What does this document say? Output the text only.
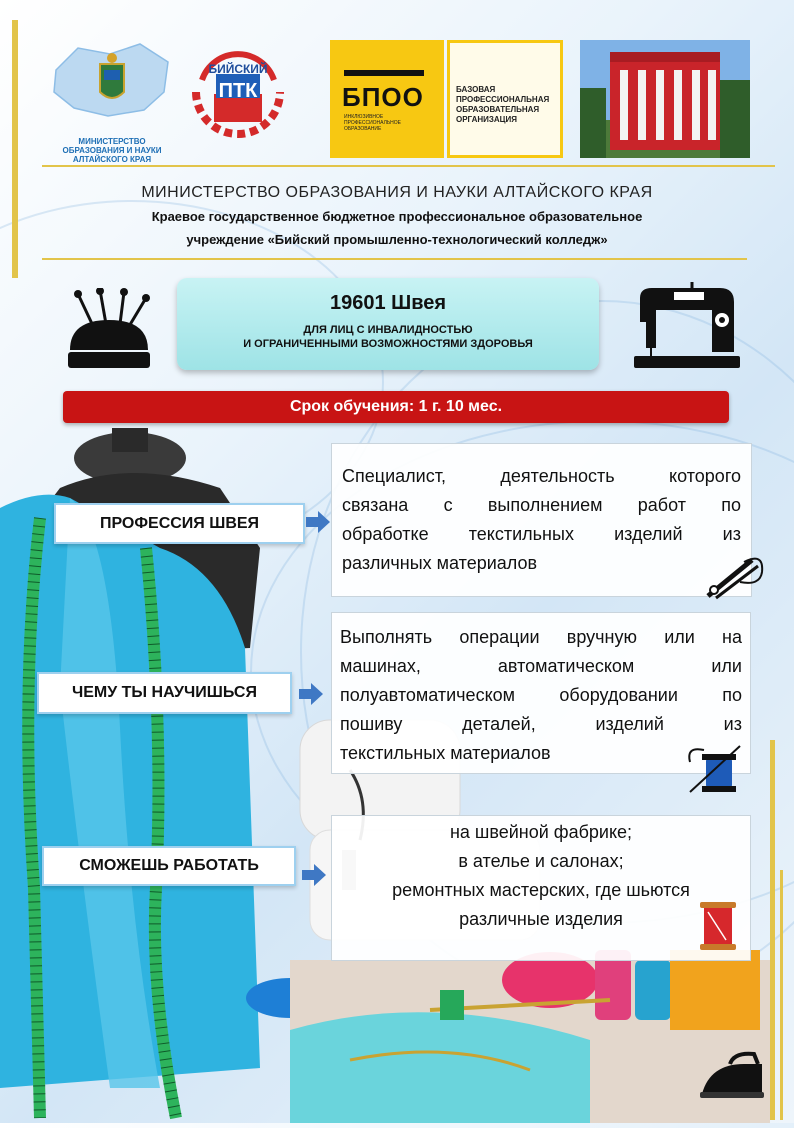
МИНИСТЕРСТВО ОБРАЗОВАНИЯ И НАУКИ АЛТАЙСКОГО КРАЯ
БИЙСКИЙ
ПТК	БПОО
ИНКЛЮЗИВНОЕ ПРОФЕССИОНАЛЬНОЕ ОБРАЗОВАНИЕ
БАЗОВАЯ ПРОФЕССИОНАЛЬНАЯ ОБРАЗОВАТЕЛЬНАЯ ОРГАНИЗАЦИЯ
МИНИСТЕРСТВО ОБРАЗОВАНИЯ И НАУКИ АЛТАЙСКОГО КРАЯ
Краевое государственное бюджетное профессиональное образовательное
учреждение «Бийский промышленно-технологический колледж»
19601 Швея
ДЛЯ ЛИЦ С ИНВАЛИДНОСТЬЮ
И ОГРАНИЧЕННЫМИ ВОЗМОЖНОСТЯМИ ЗДОРОВЬЯ
Срок обучения: 1 г. 10 мес.
ПРОФЕССИЯ ШВЕЯ
Специалист, деятельность которого
связана с выполнением работ по
обработке текстильных изделий из
различных материалов
ЧЕМУ ТЫ НАУЧИШЬСЯ
Выполнять операции вручную или на
машинах, автоматическом или
полуавтоматическом оборудовании по
пошиву деталей, изделий из
текстильных материалов
СМОЖЕШЬ РАБОТАТЬ
на швейной фабрике;
в ателье и салонах;
ремонтных мастерских, где шьются
различные изделия
